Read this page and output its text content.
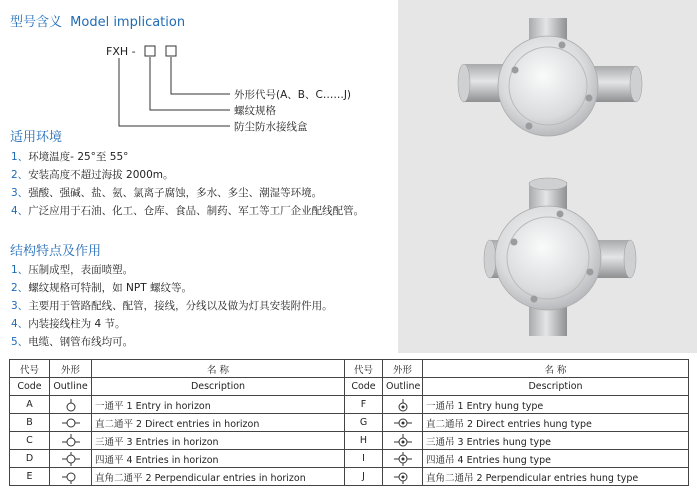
型号含义 Model implication
FXH -
外形代号(A、B、C……J)
螺纹规格
防尘防水接线盒
适用环境
1、环境温度- 25°至 55°
2、安装高度不超过海拔 2000m。
3、强酸、强碱、盐、氨、氯离子腐蚀，多水、多尘、潮湿等环境。
4、广泛应用于石油、化工、仓库、食品、制药、军工等工厂企业配线配管。
结构特点及作用
1、压制成型，表面喷塑。
2、螺纹规格可特制，如 NPT 螺纹等。
3、主要用于管路配线、配管，接线，分线以及做为灯具安装附件用。
4、内装接线柱为 4 节。
5、电缆、钢管布线均可。
代号	外形	名 称	代号	外形	名 称
Code	Outline	Description	Code	Outline	Description
A		一通平 1 Entry in horizon	F		一通吊 1 Entry hung type
B		直二通平 2 Direct entries in horizon	G		直二通吊 2 Direct entries hung type
C		三通平 3 Entries in horizon	H		三通吊 3 Entries hung type
D		四通平 4 Entries in horizon	I		四通吊 4 Entries hung type
E		直角二通平 2 Perpendicular entries in horizon	J		直角二通吊 2 Perpendicular entries hung type
